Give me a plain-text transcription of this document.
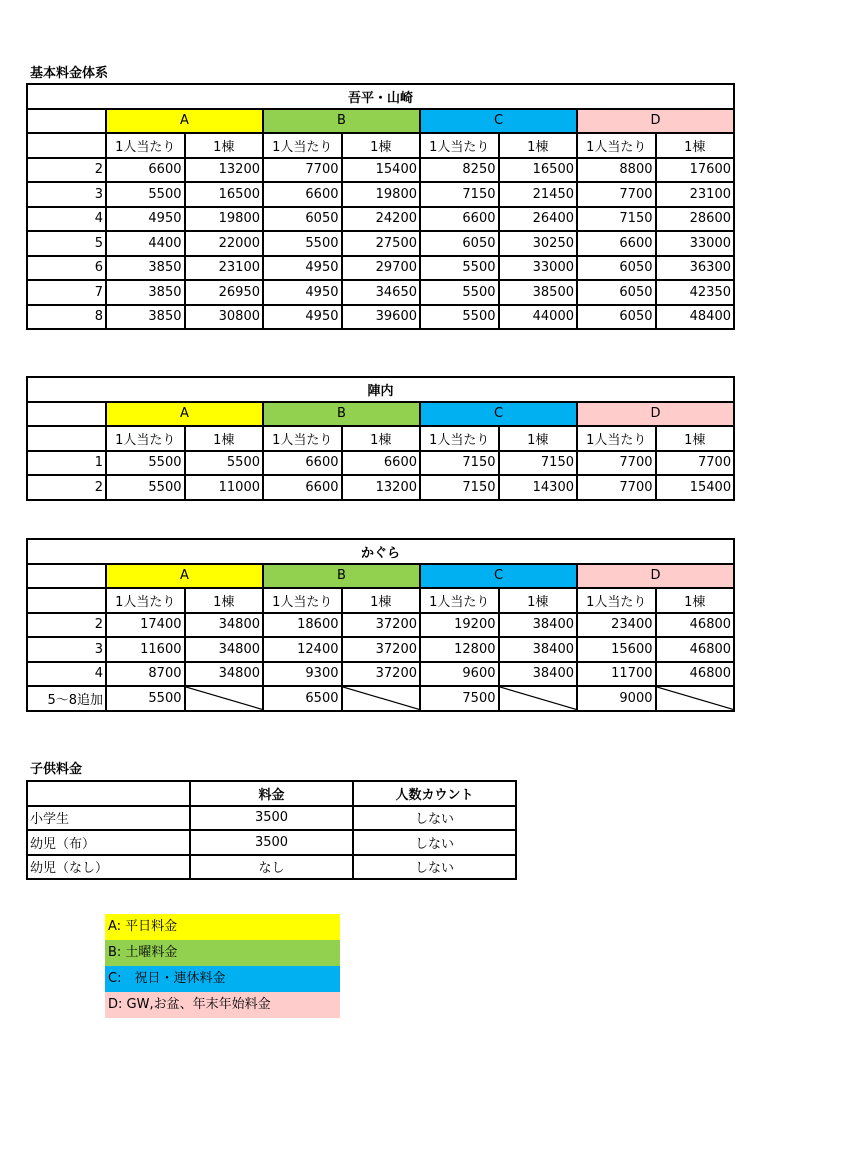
基本料金体系
吾平・山崎								
	A		B		C		D	
	1人当たり	1棟	1人当たり	1棟	1人当たり	1棟	1人当たり	1棟
2	6600	13200	7700	15400	8250	16500	8800	17600
3	5500	16500	6600	19800	7150	21450	7700	23100
4	4950	19800	6050	24200	6600	26400	7150	28600
5	4400	22000	5500	27500	6050	30250	6600	33000
6	3850	23100	4950	29700	5500	33000	6050	36300
7	3850	26950	4950	34650	5500	38500	6050	42350
8	3850	30800	4950	39600	5500	44000	6050	48400
陣内								
	A		B		C		D	
	1人当たり	1棟	1人当たり	1棟	1人当たり	1棟	1人当たり	1棟
1	5500	5500	6600	6600	7150	7150	7700	7700
2	5500	11000	6600	13200	7150	14300	7700	15400
かぐら								
	A		B		C		D	
	1人当たり	1棟	1人当たり	1棟	1人当たり	1棟	1人当たり	1棟
2	17400	34800	18600	37200	19200	38400	23400	46800
3	11600	34800	12400	37200	12800	38400	15600	46800
4	8700	34800	9300	37200	9600	38400	11700	46800
5～8追加	5500		6500		7500		9000	
子供料金
	料金	人数カウント
小学生	3500	しない
幼児（布）	3500	しない
幼児（なし）	なし	しない
A: 平日料金
B: 土曜料金
C:　祝日・連休料金
D: GW,お盆、年末年始料金
